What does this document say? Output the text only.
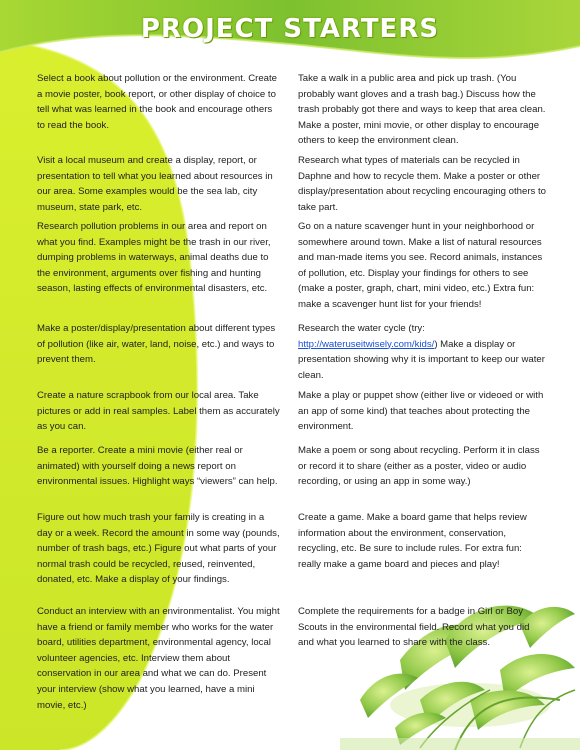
PROJECT STARTERS
Select a book about pollution or the environment. Create a movie poster, book report, or other display of choice to tell what was learned in the book and encourage others to read the book.
Visit a local museum and create a display, report, or presentation to tell what you learned about resources in our area. Some examples would be the sea lab, city museum, state park, etc.
Research pollution problems in our area and report on what you find. Examples might be the trash in our river, dumping problems in waterways, animal deaths due to the environment, arguments over fishing and hunting season, lasting effects of environmental disasters, etc.
Make a poster/display/presentation about different types of pollution (like air, water, land, noise, etc.) and ways to prevent them.
Create a nature scrapbook from our local area. Take pictures or add in real samples. Label them as accurately as you can.
Be a reporter. Create a mini movie (either real or animated) with yourself doing a news report on environmental issues. Highlight ways “viewers” can help.
Figure out how much trash your family is creating in a day or a week. Record the amount in some way (pounds, number of trash bags, etc.) Figure out what parts of your normal trash could be recycled, reused, reinvented, donated, etc. Make a display of your findings.
Conduct an interview with an environmentalist. You might have a friend or family member who works for the water board, utilities department, environmental agency, local volunteer agencies, etc. Interview them about conservation in our area and what we can do. Present your interview (show what you learned, have a mini movie, etc.)
Take a walk in a public area and pick up trash. (You probably want gloves and a trash bag.) Discuss how the trash probably got there and ways to keep that area clean. Make a poster, mini movie, or other display to encourage others to keep the environment clean.
Research what types of materials can be recycled in Daphne and how to recycle them. Make a poster or other display/presentation about recycling encouraging others to take part.
Go on a nature scavenger hunt in your neighborhood or somewhere around town. Make a list of natural resources and man-made items you see. Record animals, instances of pollution, etc. Display your findings for others to see (make a poster, graph, chart, mini video, etc.) Extra fun: make a scavenger hunt list for your friends!
Research the water cycle (try: http://wateruseitwisely.com/kids/) Make a display or presentation showing why it is important to keep our water clean.
Make a play or puppet show (either live or videoed or with an app of some kind) that teaches about protecting the environment.
Make a poem or song about recycling. Perform it in class or record it to share (either as a poster, video or audio recording, or using an app in some way.)
Create a game. Make a board game that helps review information about the environment, conservation, recycling, etc. Be sure to include rules. For extra fun: really make a game board and pieces and play!
Complete the requirements for a badge in Girl or Boy Scouts in the environmental field. Record what you did and what you learned to share with the class.
